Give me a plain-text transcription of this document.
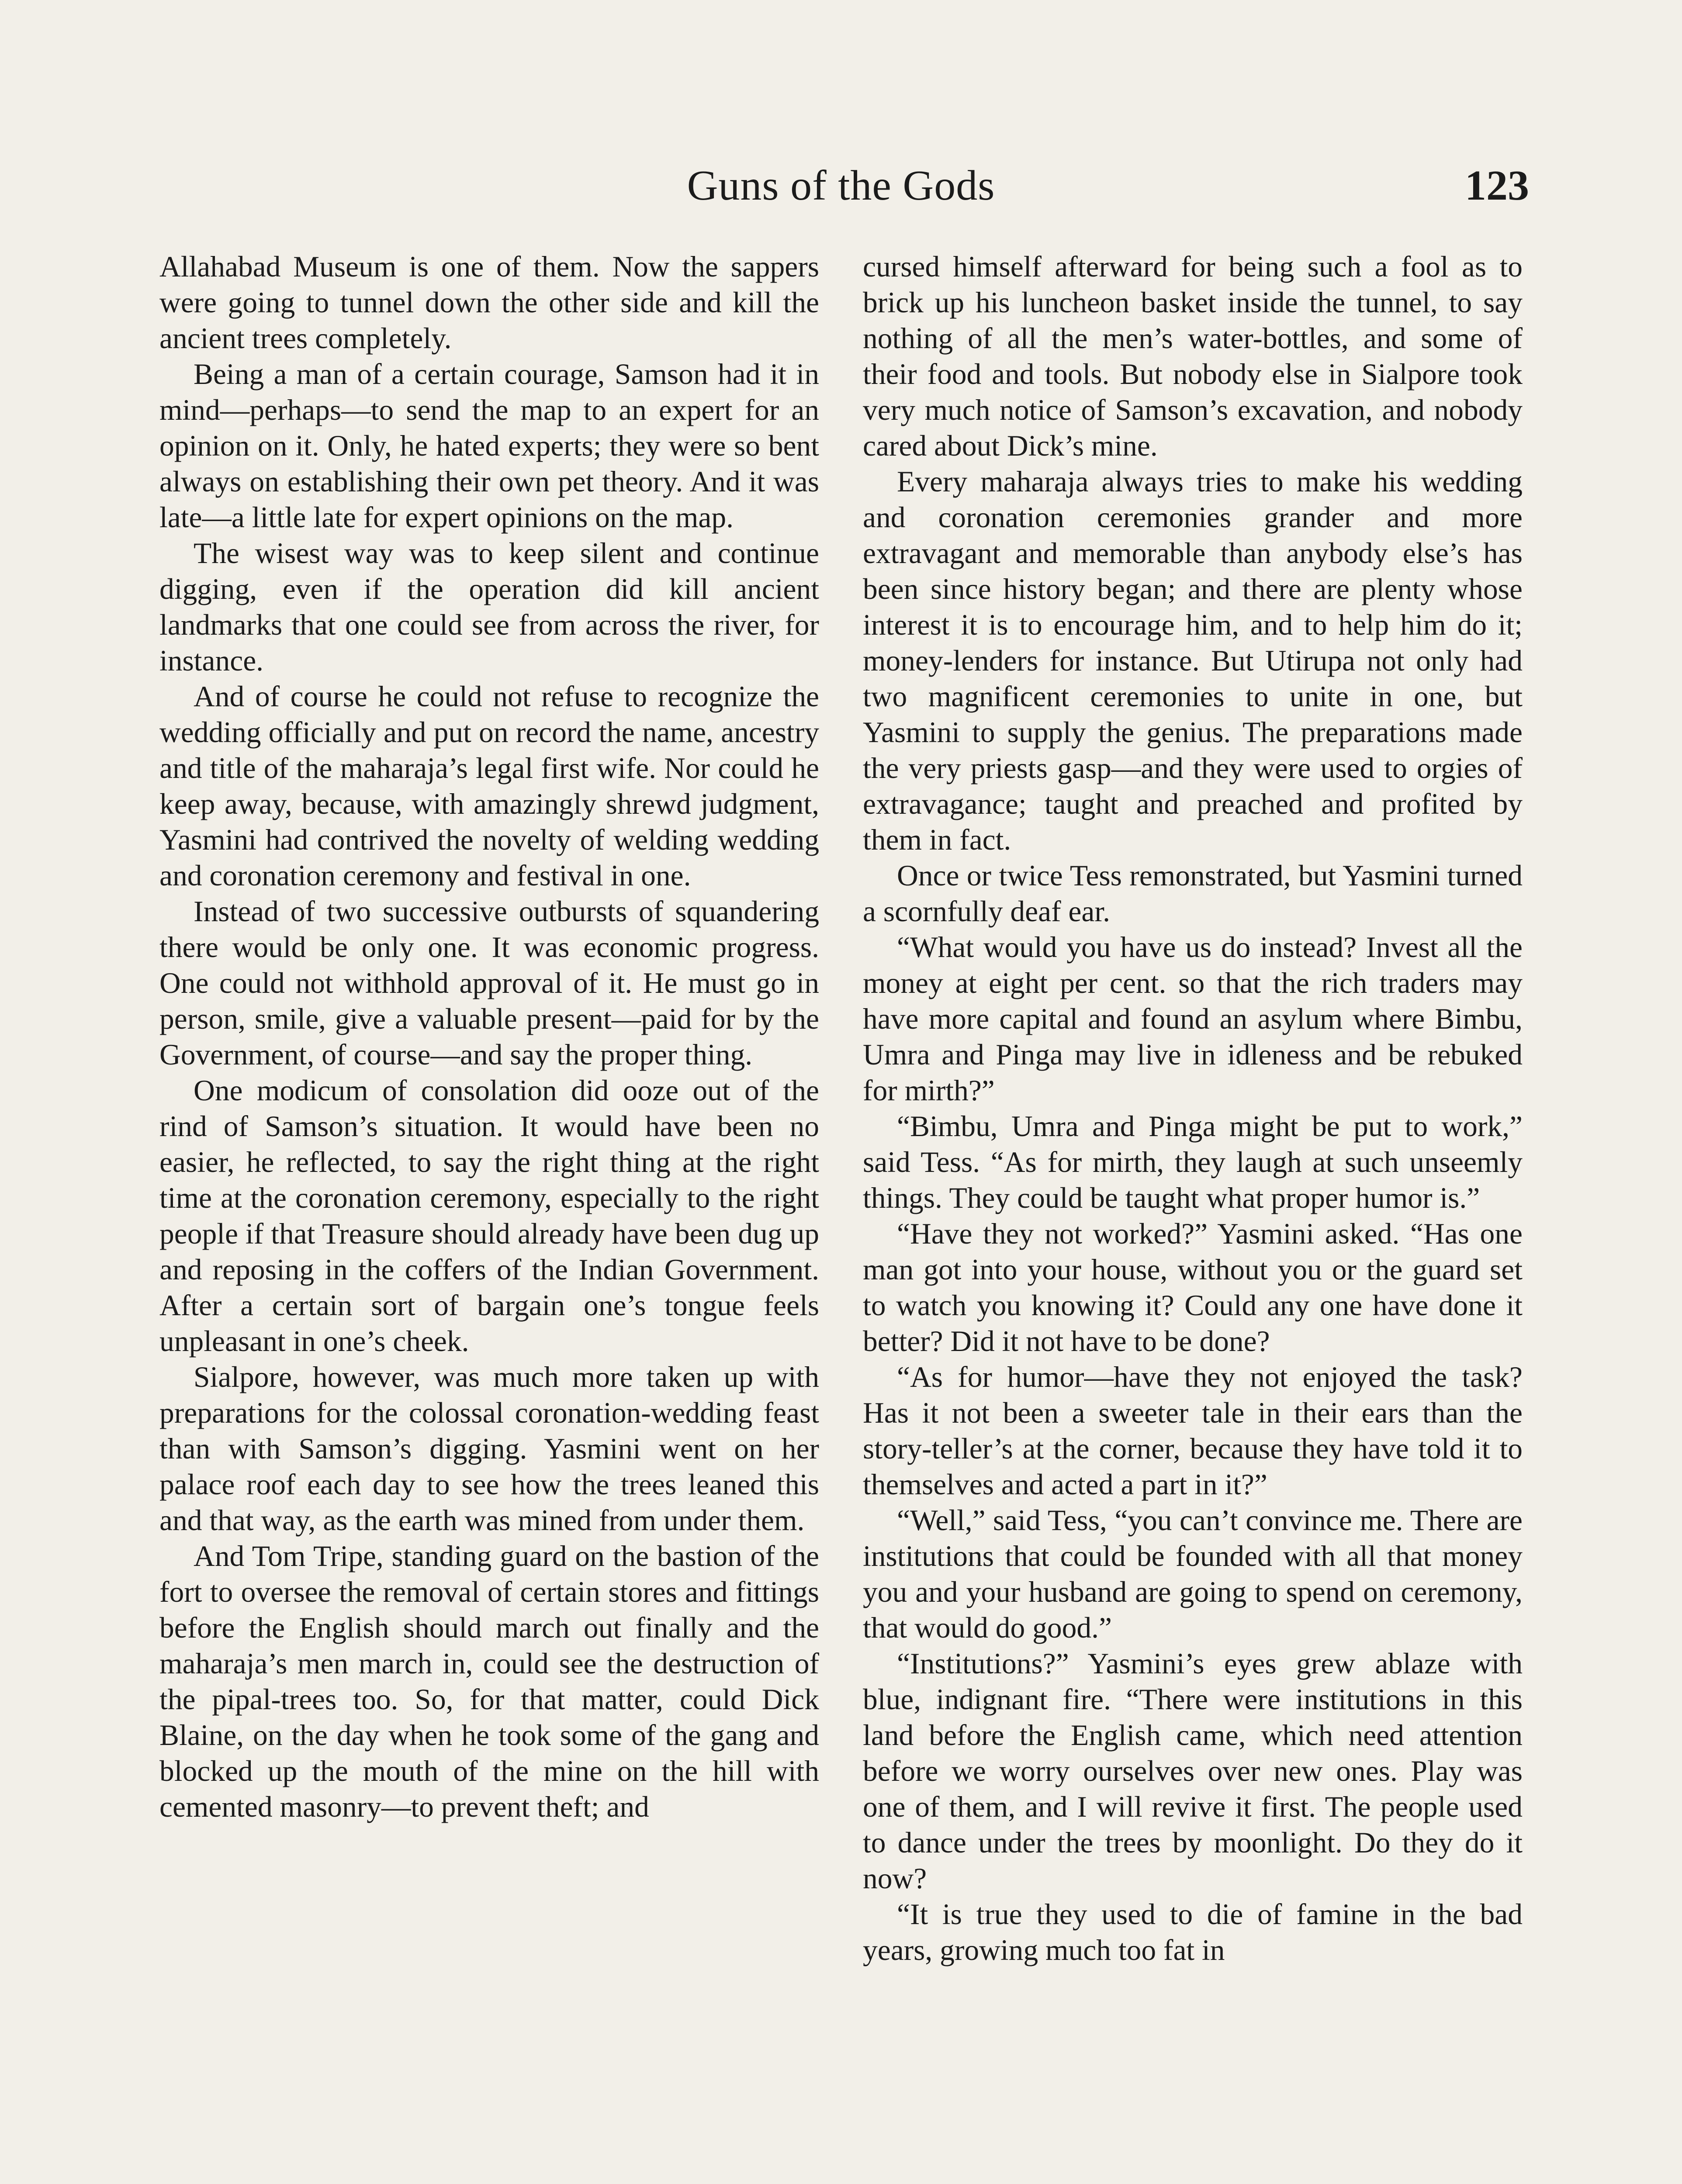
Guns of the Gods	123

Allahabad Museum is one of them. Now the sappers were going to tunnel down the other side and kill the ancient trees completely.

Being a man of a certain courage, Samson had it in mind—perhaps—to send the map to an expert for an opinion on it. Only, he hated experts; they were so bent always on establishing their own pet theory. And it was late—a little late for expert opinions on the map.

The wisest way was to keep silent and continue digging, even if the operation did kill ancient landmarks that one could see from across the river, for instance.

And of course he could not refuse to recognize the wedding officially and put on record the name, ancestry and title of the maharaja’s legal first wife. Nor could he keep away, because, with amazingly shrewd judgment, Yasmini had contrived the novelty of welding wedding and coronation ceremony and festival in one.

Instead of two successive outbursts of squandering there would be only one. It was economic progress. One could not withhold approval of it. He must go in person, smile, give a valuable present—paid for by the Government, of course—and say the proper thing.

One modicum of consolation did ooze out of the rind of Samson’s situation. It would have been no easier, he reflected, to say the right thing at the right time at the coronation ceremony, especially to the right people if that Treasure should already have been dug up and reposing in the coffers of the Indian Government. After a certain sort of bargain one’s tongue feels unpleasant in one’s cheek.

Sialpore, however, was much more taken up with preparations for the colossal coronation-wedding feast than with Samson’s digging. Yasmini went on her palace roof each day to see how the trees leaned this and that way, as the earth was mined from under them.

And Tom Tripe, standing guard on the bastion of the fort to oversee the removal of certain stores and fittings before the English should march out finally and the maharaja’s men march in, could see the destruction of the pipal-trees too. So, for that matter, could Dick Blaine, on the day when he took some of the gang and blocked up the mouth of the mine on the hill with cemented masonry—to prevent theft; and

cursed himself afterward for being such a fool as to brick up his luncheon basket inside the tunnel, to say nothing of all the men’s water-bottles, and some of their food and tools. But nobody else in Sialpore took very much notice of Samson’s excavation, and nobody cared about Dick’s mine.

Every maharaja always tries to make his wedding and coronation ceremonies grander and more extravagant and memorable than anybody else’s has been since history began; and there are plenty whose interest it is to encourage him, and to help him do it; money-lenders for instance. But Utirupa not only had two magnificent ceremonies to unite in one, but Yasmini to supply the genius. The preparations made the very priests gasp—and they were used to orgies of extravagance; taught and preached and profited by them in fact.

Once or twice Tess remonstrated, but Yasmini turned a scornfully deaf ear.

“What would you have us do instead? Invest all the money at eight per cent. so that the rich traders may have more capital and found an asylum where Bimbu, Umra and Pinga may live in idleness and be rebuked for mirth?”

“Bimbu, Umra and Pinga might be put to work,” said Tess. “As for mirth, they laugh at such unseemly things. They could be taught what proper humor is.”

“Have they not worked?” Yasmini asked. “Has one man got into your house, without you or the guard set to watch you knowing it? Could any one have done it better? Did it not have to be done?

“As for humor—have they not enjoyed the task? Has it not been a sweeter tale in their ears than the story-teller’s at the corner, because they have told it to themselves and acted a part in it?”

“Well,” said Tess, “you can’t convince me. There are institutions that could be founded with all that money you and your husband are going to spend on ceremony, that would do good.”

“Institutions?” Yasmini’s eyes grew ablaze with blue, indignant fire. “There were institutions in this land before the English came, which need attention before we worry ourselves over new ones. Play was one of them, and I will revive it first. The people used to dance under the trees by moonlight. Do they do it now?

“It is true they used to die of famine in the bad years, growing much too fat in
